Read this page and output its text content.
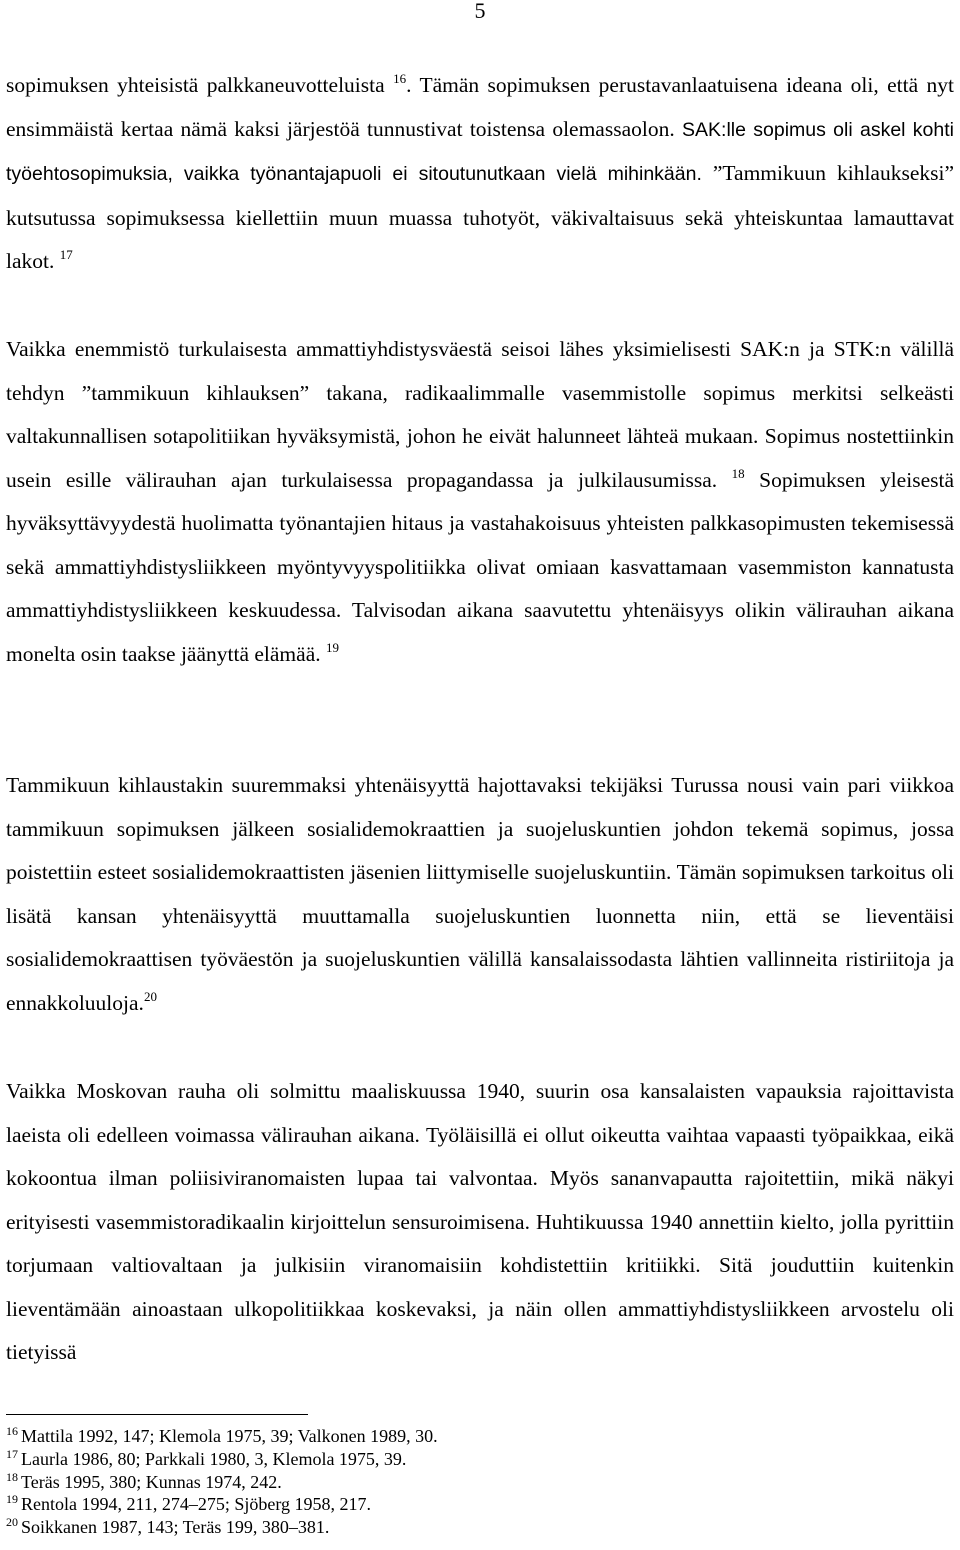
5

sopimuksen yhteisistä palkkaneuvotteluista $^{16}$. Tämän sopimuksen perustavanlaatuisena ideana oli, että nyt ensimmäistä kertaa nämä kaksi järjestöä tunnustivat toistensa olemassaolon. SAK:lle sopimus oli askel kohti työehtosopimuksia, vaikka työnantajapuoli ei sitoutunutkaan vielä mihinkään. ”Tammikuun kihlaukseksi” kutsutussa sopimuksessa kiellettiin muun muassa tuhotyöt, väkivaltaisuus sekä yhteiskuntaa lamauttavat lakot. $^{17}$

Vaikka enemmistö turkulaisesta ammattiyhdistysväestä seisoi lähes yksimielisesti SAK:n ja STK:n välillä tehdyn ”tammikuun kihlauksen” takana, radikaalimmalle vasemmistolle sopimus merkitsi selkeästi valtakunnallisen sotapolitiikan hyväksymistä, johon he eivät halunneet lähteä mukaan. Sopimus nostettiinkin usein esille välirauhan ajan turkulaisessa propagandassa ja julkilausumissa. $^{18}$ Sopimuksen yleisestä hyväksyttävyydestä huolimatta työnantajien hitaus ja vastahakoisuus yhteisten palkkasopimusten tekemisessä sekä ammattiyhdistysliikkeen myöntyvyyspolitiikka olivat omiaan kasvattamaan vasemmiston kannatusta ammattiyhdistysliikkeen keskuudessa. Talvisodan aikana saavutettu yhtenäisyys olikin välirauhan aikana monelta osin taakse jäänyttä elämää. $^{19}$

Tammikuun kihlaustakin suuremmaksi yhtenäisyyttä hajottavaksi tekijäksi Turussa nousi vain pari viikkoa tammikuun sopimuksen jälkeen sosialidemokraattien ja suojeluskuntien johdon tekemä sopimus, jossa poistettiin esteet sosialidemokraattisten jäsenien liittymiselle suojeluskuntiin. Tämän sopimuksen tarkoitus oli lisätä kansan yhtenäisyyttä muuttamalla suojeluskuntien luonnetta niin, että se lieventäisi sosialidemokraattisen työväestön ja suojeluskuntien välillä kansalaissodasta lähtien vallinneita ristiriitoja ja ennakkoluuloja.$^{20}$

Vaikka Moskovan rauha oli solmittu maaliskuussa 1940, suurin osa kansalaisten vapauksia rajoittavista laeista oli edelleen voimassa välirauhan aikana. Työläisillä ei ollut oikeutta vaihtaa vapaasti työpaikkaa, eikä kokoontua ilman poliisiviranomaisten lupaa tai valvontaa. Myös sananvapautta rajoitettiin, mikä näkyi erityisesti vasemmistoradikaalin kirjoittelun sensuroimisena. Huhtikuussa 1940 annettiin kielto, jolla pyrittiin torjumaan valtiovaltaan ja julkisiin viranomaisiin kohdistettiin kritiikki. Sitä jouduttiin kuitenkin lieventämään ainoastaan ulkopolitiikkaa koskevaksi, ja näin ollen ammattiyhdistysliikkeen arvostelu oli tietyissä

$^{16}$ Mattila 1992, 147; Klemola 1975, 39; Valkonen 1989, 30.
$^{17}$ Laurla 1986, 80; Parkkali 1980, 3, Klemola 1975, 39.
$^{18}$ Teräs 1995, 380; Kunnas 1974, 242.
$^{19}$ Rentola 1994, 211, 274–275; Sjöberg 1958, 217.
$^{20}$ Soikkanen 1987, 143; Teräs 199, 380–381.
